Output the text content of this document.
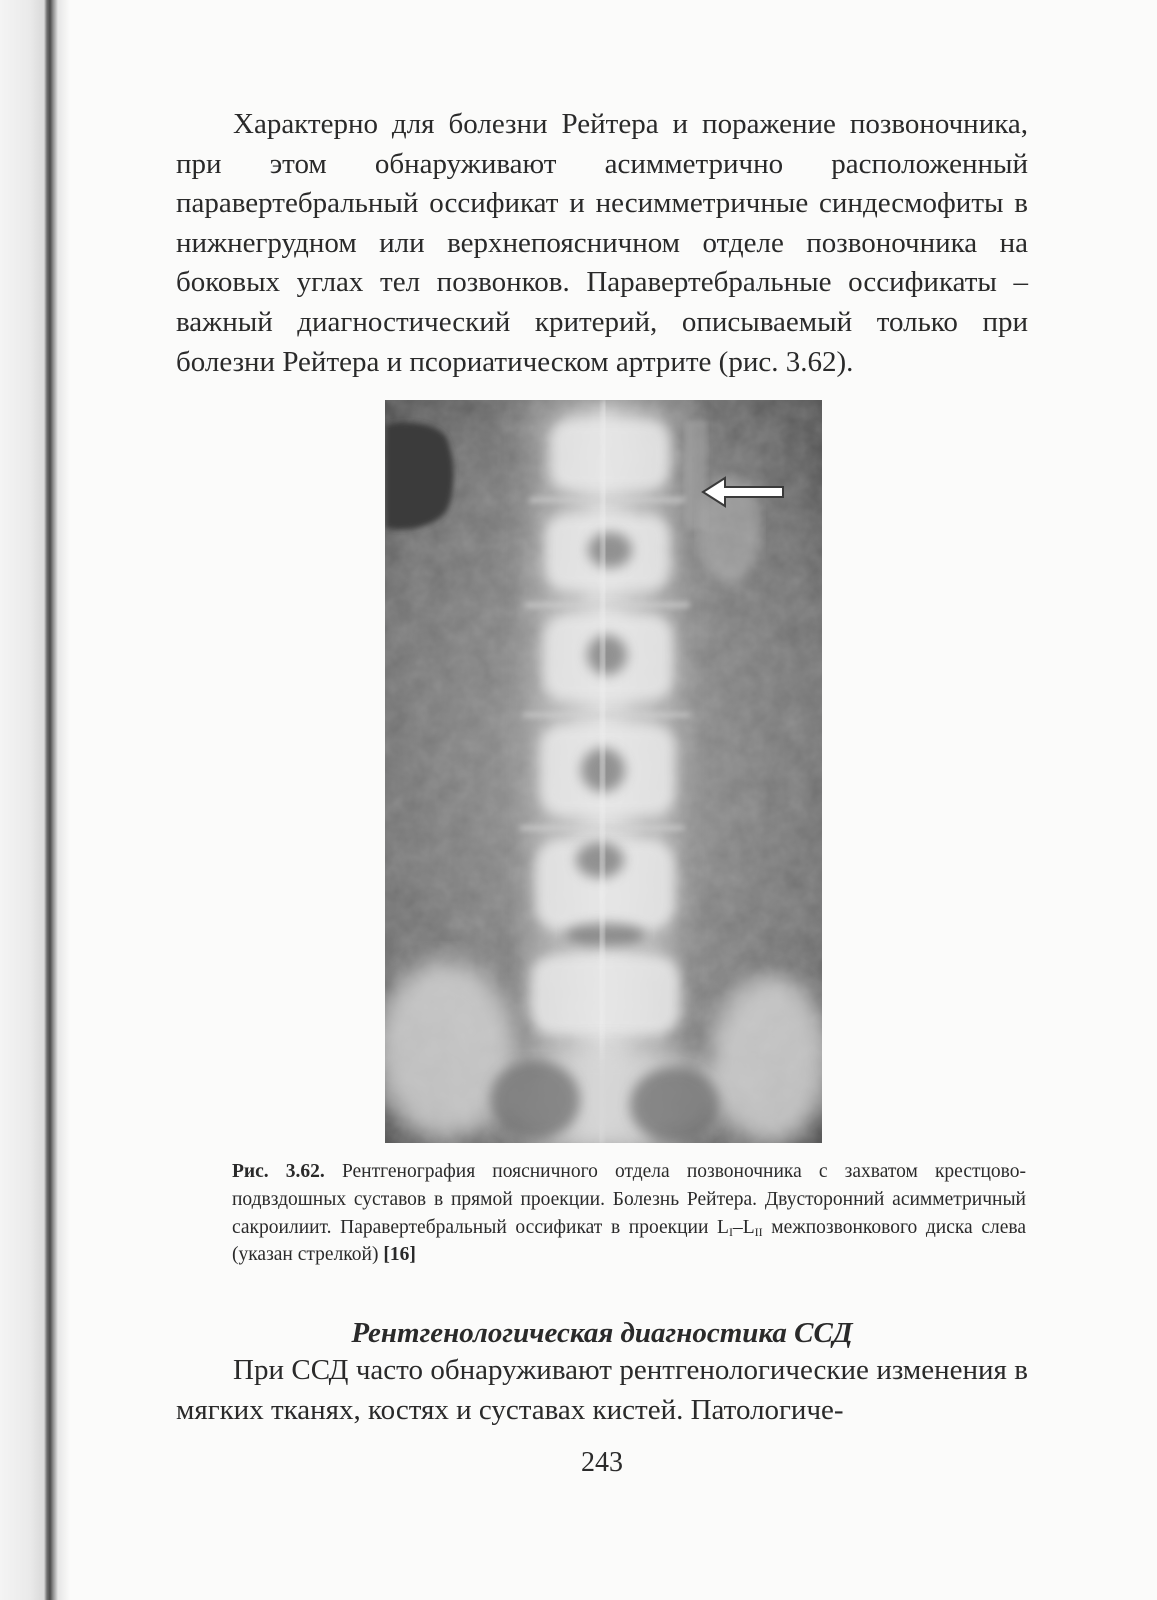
Характерно для болезни Рейтера и поражение позвоночника, при этом обнаруживают асимметрично расположенный паравертебральный оссификат и несимметричные синдесмофиты в нижнегрудном или верхнепоясничном отделе позвоночника на боковых углах тел позвонков. Паравертебральные оссификаты – важный диагностический критерий, описываемый только при болезни Рейтера и псориатическом артрите (рис. 3.62).

Рис. 3.62. Рентгенография поясничного отдела позвоночника с захватом крестцово-подвздошных суставов в прямой проекции. Болезнь Рейтера. Двусторонний асимметричный сакроилиит. Паравертебральный оссификат в проекции $L_I-L_{II}$ межпозвонкового диска слева (указан стрелкой) [16]

Рентгенологическая диагностика ССД

При ССД часто обнаруживают рентгенологические изменения в мягких тканях, костях и суставах кистей. Патологиче-

243
